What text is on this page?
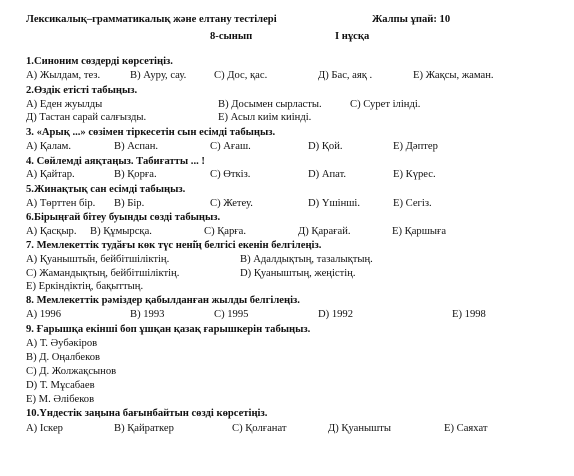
Лексикалық–грамматикалық және елтану тестілері	Жалпы ұпай: 10
8-сынып	І нұсқа
1.Синоним сөздерді көрсетіңіз.
А) Жылдам, тез.	В) Ауру, сау.	С) Дос, қас.	Д) Бас, аяқ .	Е) Жақсы, жаман.
2.Өздік етісті табыңыз.
А) Еден жуылды	В) Досымен сырласты.	С) Сурет ілінді.
Д) Тастан сарай салғызды.	Е) Асыл киім киінді.
3. «Арық ...» сөзімен тіркесетін сын есімді табыңыз.
А) Қалам.	В) Аспан.	С) Ағаш.	D) Қой.	Е) Дәптер
4. Сөйлемді аяқтаңыз. Табиғатты ... !
А) Қайтар.	В) Қорға.	С) Өткіз.	D) Апат.	Е) Күрес.
5.Жинақтық сан есімді табыңыз.
А) Төрттен бір. В) Бір.	С) Жетеу.	D) Үшінші.	Е) Сегіз.
6.Бірыңғай бітеу буынды сөзді табыңыз.
А) Қасқыр. В) Құмырсқа.	С) Қарға.	Д) Қарағай.	Е) Қаршыға
7. Мемлекеттік тудӑғы көк түс нені̆ң белгісі екенін белгілеңіз.
А) Қуанышты̆н, бейбітшіліктің.	В) Адалдықтың, тазалықтың.
С) Жамандықтың, бейбітшіліктің.	D) Қуаныштың, жеңістің.
Е) Еркіндіктің, бақыттың.
8. Мемлекеттік рәміздер қабылданған жылды белгілеңіз.
А) 1996	В) 1993	С) 1995	D) 1992	Е) 1998
9. Ғарышқа екінші боп ұшқан қазақ ғарышкерін табыңыз.
А) Т. Әубәкіров
В) Д. Оңалбеков
С) Д. Жолжақсынов
D) Т. Мұсабаев
Е) М. Әлібеков
10.Үндестік заңына бағынбайтын сөзді көрсетіңіз.
А) Іскер	В) Қайраткер	С) Қолғанат	Д) Қуанышты	Е) Саяхат
